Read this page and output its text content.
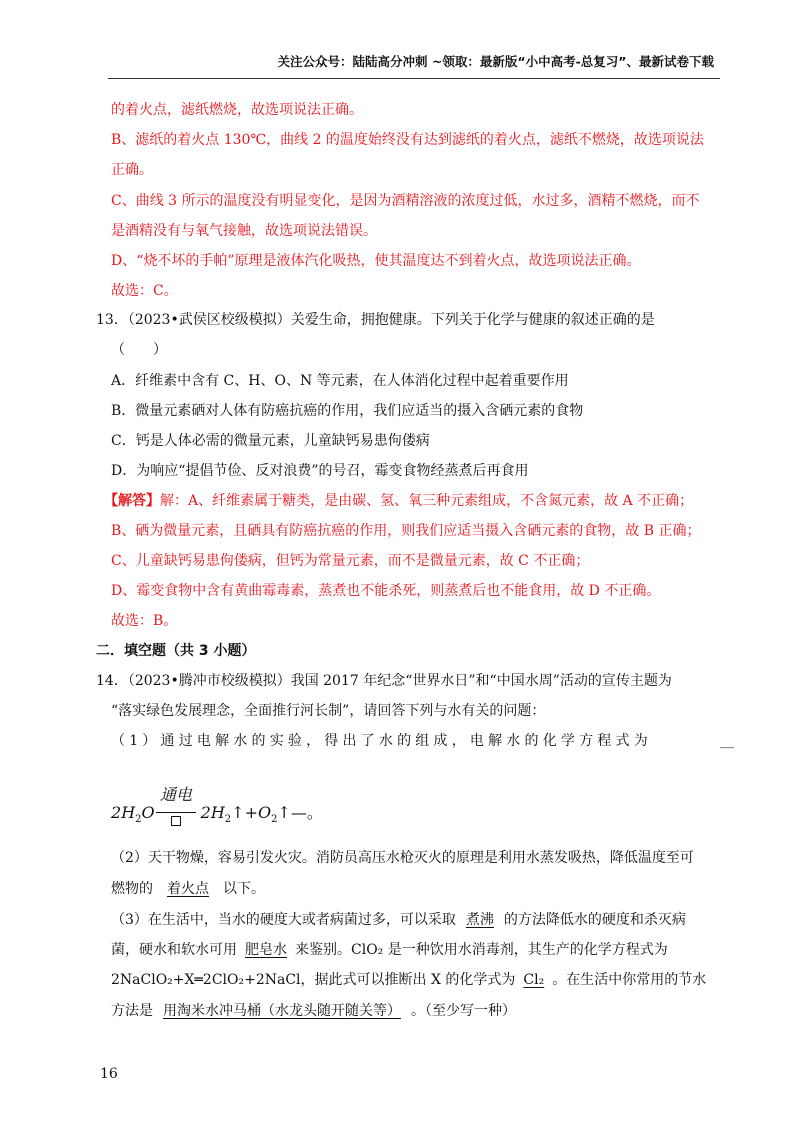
关注公众号：陆陆高分冲刺 ~领取：最新版“小中高考-总复习”、最新试卷下载
的着火点，滤纸燃烧，故选项说法正确。
B、滤纸的着火点 130℃，曲线 2 的温度始终没有达到滤纸的着火点，滤纸不燃烧，故选项说法
正确。
C、曲线 3 所示的温度没有明显变化，是因为酒精溶液的浓度过低，水过多，酒精不燃烧，而不
是酒精没有与氧气接触，故选项说法错误。
D、“烧不坏的手帕”原理是液体汽化吸热，使其温度达不到着火点，故选项说法正确。
故选：C。
13．（2023•武侯区校级模拟）关爱生命，拥抱健康。下列关于化学与健康的叙述正确的是
（　　）
A．纤维素中含有 C、H、O、N 等元素，在人体消化过程中起着重要作用
B．微量元素硒对人体有防癌抗癌的作用，我们应适当的摄入含硒元素的食物
C．钙是人体必需的微量元素，儿童缺钙易患佝偻病
D．为响应“提倡节俭、反对浪费”的号召，霉变食物经蒸煮后再食用
【解答】解：A、纤维素属于糖类，是由碳、氢、氧三种元素组成，不含氮元素，故 A 不正确；
B、硒为微量元素，且硒具有防癌抗癌的作用，则我们应适当摄入含硒元素的食物，故 B 正确；
C、儿童缺钙易患佝偻病，但钙为常量元素，而不是微量元素，故 C 不正确；
D、霉变食物中含有黄曲霉毒素，蒸煮也不能杀死，则蒸煮后也不能食用，故 D 不正确。
故选：B。
二．填空题（共 3 小题）
14．（2023•腾冲市校级模拟）我国 2017 年纪念“世界水日”和“中国水周”活动的宣传主题为
“落实绿色发展理念，全面推行河长制”，请回答下列与水有关的问题：
（1）通过电解水的实验，得出了水的组成，电解水的化学方程式为	__
通电
$2H_2O$	$2H_2↑+O_2↑—$。
（2）天干物燥，容易引发火灾。消防员高压水枪灭火的原理是利用水蒸发吸热，降低温度至可
燃物的 着火点 以下。
（3）在生活中，当水的硬度大或者病菌过多，可以采取 煮沸 的方法降低水的硬度和杀灭病
菌，硬水和软水可用 肥皂水 来鉴别。ClO₂ 是一种饮用水消毒剂，其生产的化学方程式为
2NaClO₂+X═2ClO₂+2NaCl，据此式可以推断出 X 的化学式为 Cl₂ 。在生活中你常用的节水
方法是 用淘米水冲马桶（水龙头随开随关等） 。（至少写一种）
16
